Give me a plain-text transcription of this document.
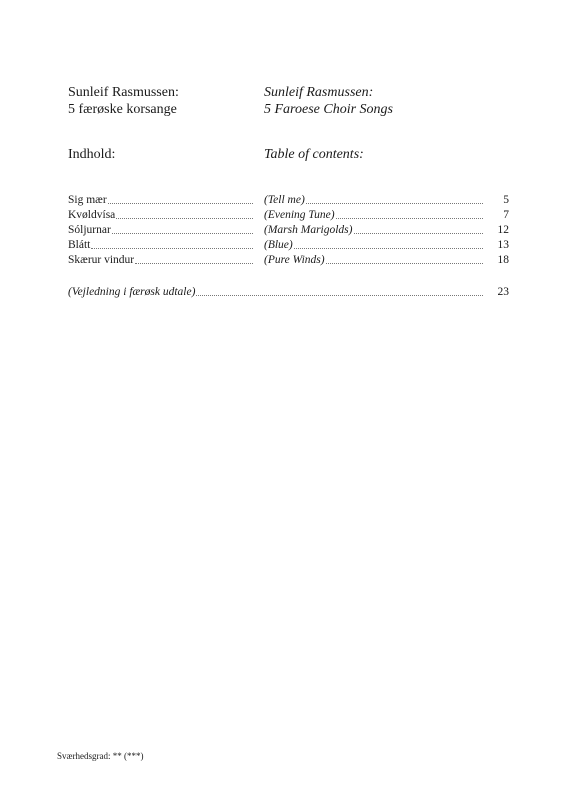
Sunleif Rasmussen:

5 færøske korsange

Sunleif Rasmussen:

5 Faroese Choir Songs

Indhold:	Table of contents:
Sig mær	(Tell me)	5
Kvøldvísa	(Evening Tune)	7
Sóljurnar	(Marsh Marigolds)	12
Blátt	(Blue)	13
Skærur vindur	(Pure Winds)	18
(Vejledning i færøsk udtale)	23
Sværhedsgrad: ** (***)
